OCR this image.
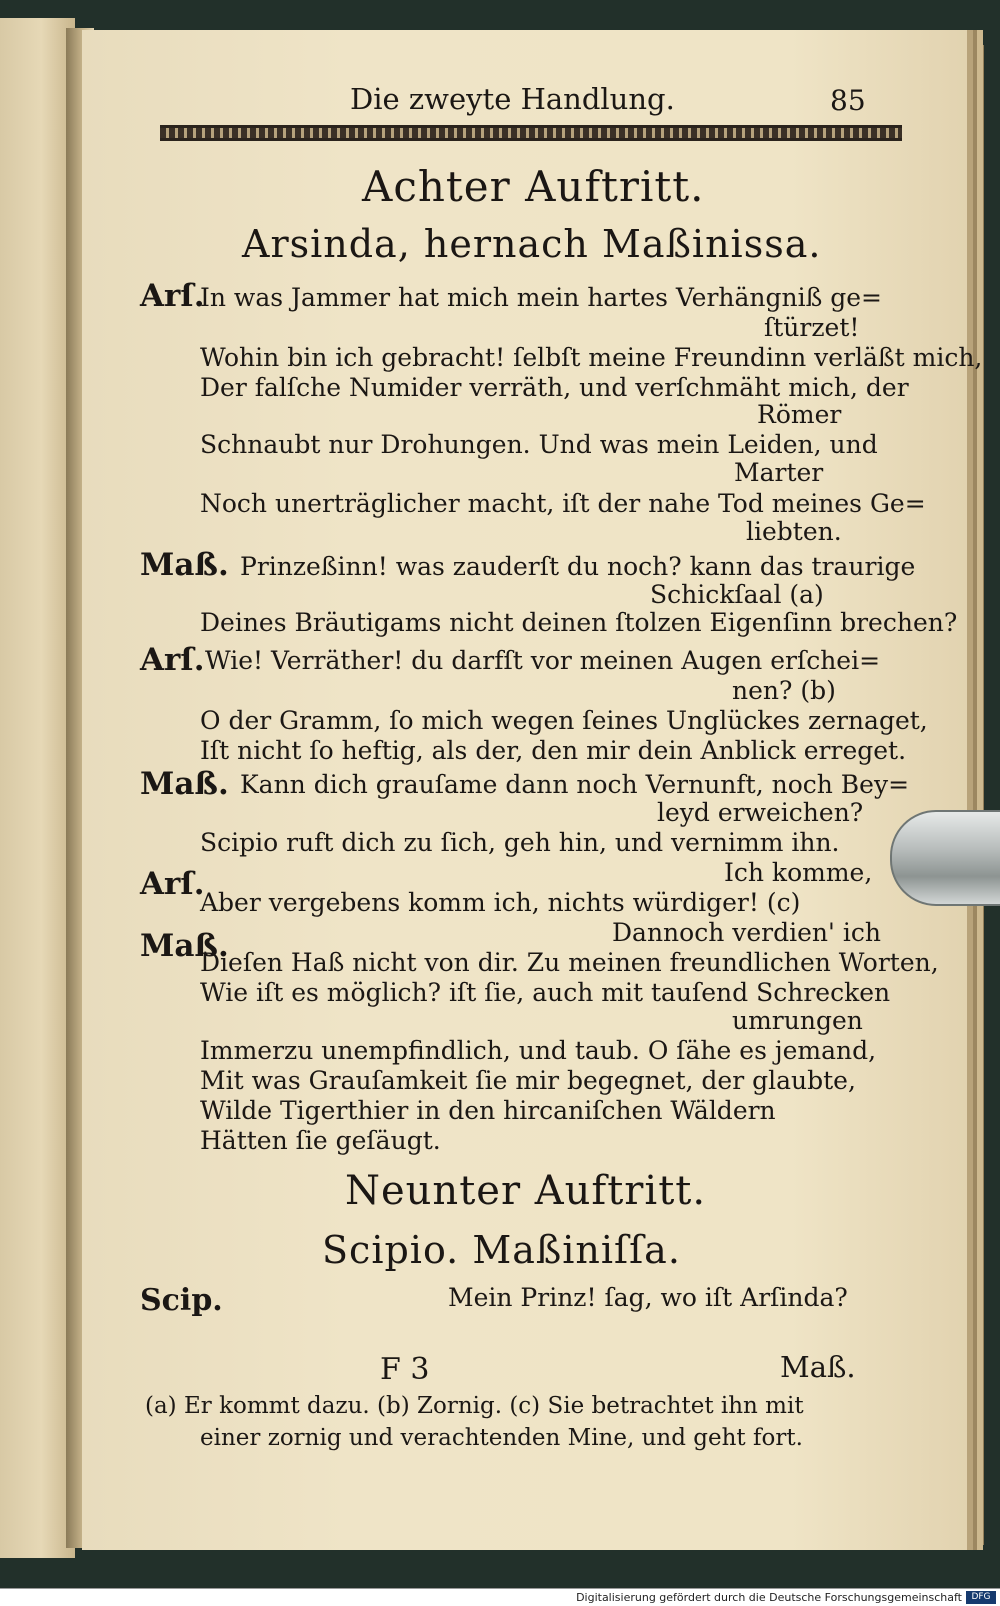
Die zweyte Handlung.	85
Achter Auftritt.
Arsinda, hernach Maßinissa.
Arſ.
In was Jammer hat mich mein hartes Verhängniß ge=
ſtürzet!
Wohin bin ich gebracht! ſelbſt meine Freundinn verläßt mich,
Der falſche Numider verräth, und verſchmäht mich, der
Römer
Schnaubt nur Drohungen. Und was mein Leiden, und
Marter
Noch unerträglicher macht, iſt der nahe Tod meines Ge=
liebten.
Maß. Prinzeßinn! was zauderſt du noch? kann das traurige
Schickſaal (a)
Deines Bräutigams nicht deinen ſtolzen Eigenſinn brechen?
Arſ. Wie! Verräther! du darfſt vor meinen Augen erſchei=
nen? (b)
O der Gramm, ſo mich wegen ſeines Unglückes zernaget,
Iſt nicht ſo heftig, als der, den mir dein Anblick erreget.
Maß. Kann dich grauſame dann noch Vernunft, noch Bey=
leyd erweichen?
Scipio ruft dich zu ſich, geh hin, und vernimm ihn.
Arſ.	Ich komme,
Aber vergebens komm ich, nichts würdiger! (c)
Maß.	Dannoch verdien' ich
Dieſen Haß nicht von dir. Zu meinen freundlichen Worten,
Wie iſt es möglich? iſt ſie, auch mit tauſend Schrecken
umrungen
Immerzu unempfindlich, und taub. O ſähe es jemand,
Mit was Grauſamkeit ſie mir begegnet, der glaubte,
Wilde Tigerthier in den hircaniſchen Wäldern
Hätten ſie geſäugt.
Neunter Auftritt.
Scipio. Maßiniſſa.
Scip.	Mein Prinz! ſag, wo iſt Arſinda?
F 3	Maß.
(a) Er kommt dazu. (b) Zornig. (c) Sie betrachtet ihn mit
einer zornig und verachtenden Mine, und geht fort.
Digitalisierung gefördert durch die Deutsche Forschungsgemeinschaft	DFG
